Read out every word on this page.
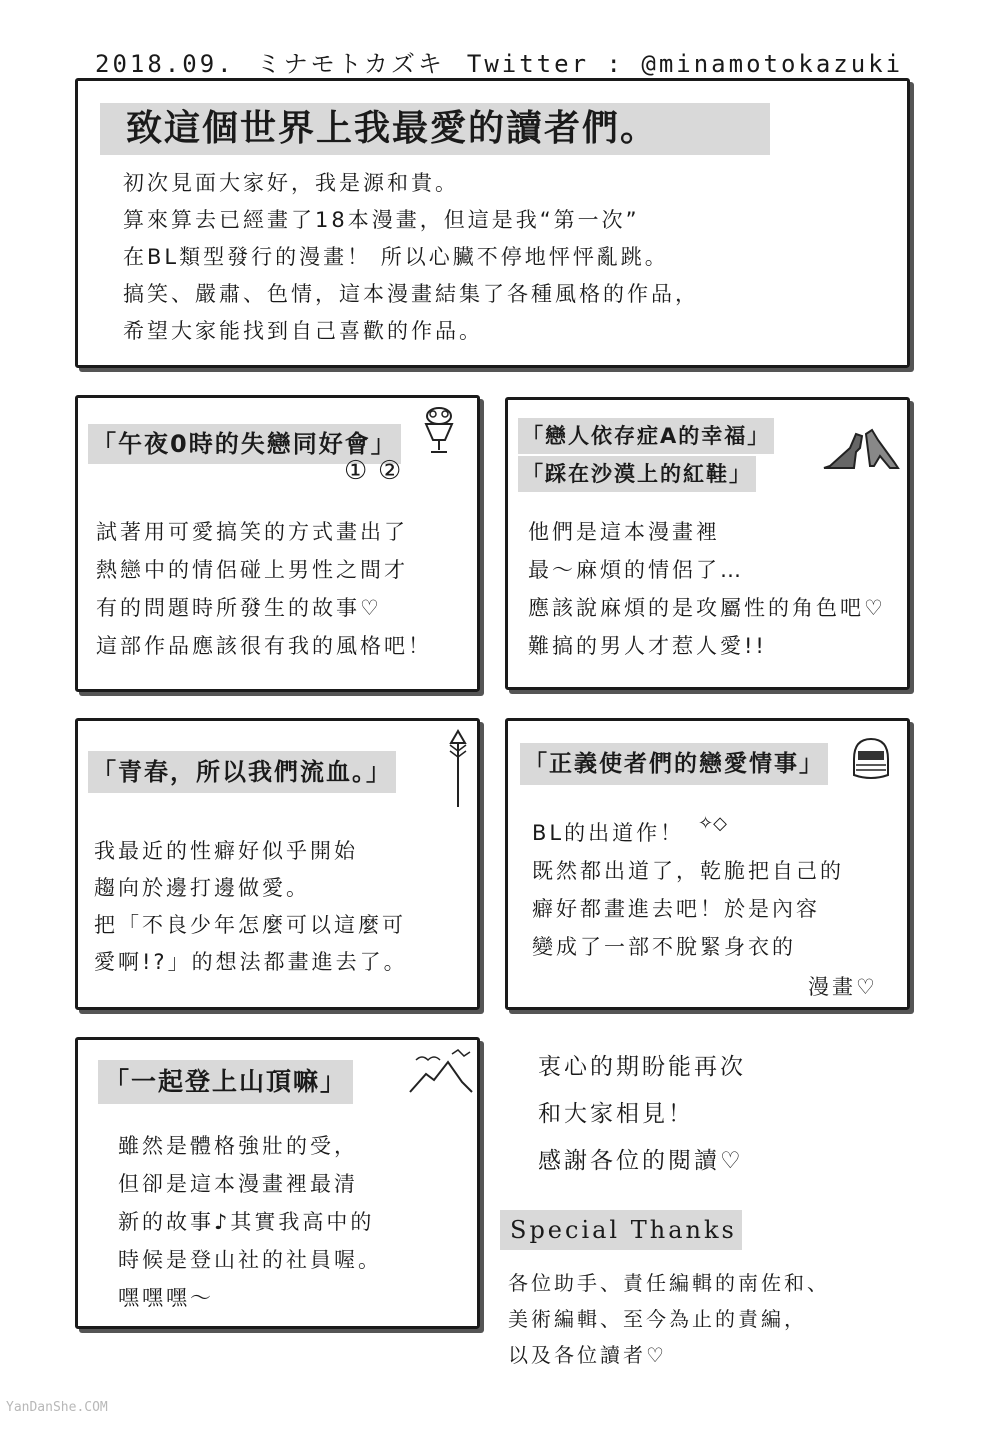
2018.09. ミナモトカズキ Twitter : @minamotokazuki
致這個世界上我最愛的讀者們。
初次見面大家好，我是源和貴。
算來算去已經畫了18本漫畫，但這是我“第一次”
在BL類型發行的漫畫！ 所以心臟不停地怦怦亂跳。
搞笑、嚴肅、色情，這本漫畫結集了各種風格的作品，
希望大家能找到自己喜歡的作品。
「午夜0時的失戀同好會」
① ②
試著用可愛搞笑的方式畫出了
熱戀中的情侶碰上男性之間才
有的問題時所發生的故事♡
這部作品應該很有我的風格吧！
「戀人依存症A的幸福」
「踩在沙漠上的紅鞋」
他們是這本漫畫裡
最～麻煩的情侶了…
應該說麻煩的是攻屬性的角色吧♡
難搞的男人才惹人愛!!
「青春，所以我們流血。」
我最近的性癖好似乎開始
趨向於邊打邊做愛。
把「不良少年怎麼可以這麼可
愛啊!?」的想法都畫進去了。
「正義使者們的戀愛情事」
BL的出道作！ ✧◇
既然都出道了，乾脆把自己的
癖好都畫進去吧！於是內容
變成了一部不脫緊身衣的
漫畫♡
「一起登上山頂嘛」
雖然是體格強壯的受，
但卻是這本漫畫裡最清
新的故事♪其實我高中的
時候是登山社的社員喔。
嘿嘿嘿～
衷心的期盼能再次
和大家相見！
感謝各位的閱讀♡
Special Thanks
各位助手、責任編輯的南佐和、
美術編輯、至今為止的責編，
以及各位讀者♡
YanDanShe.COM
